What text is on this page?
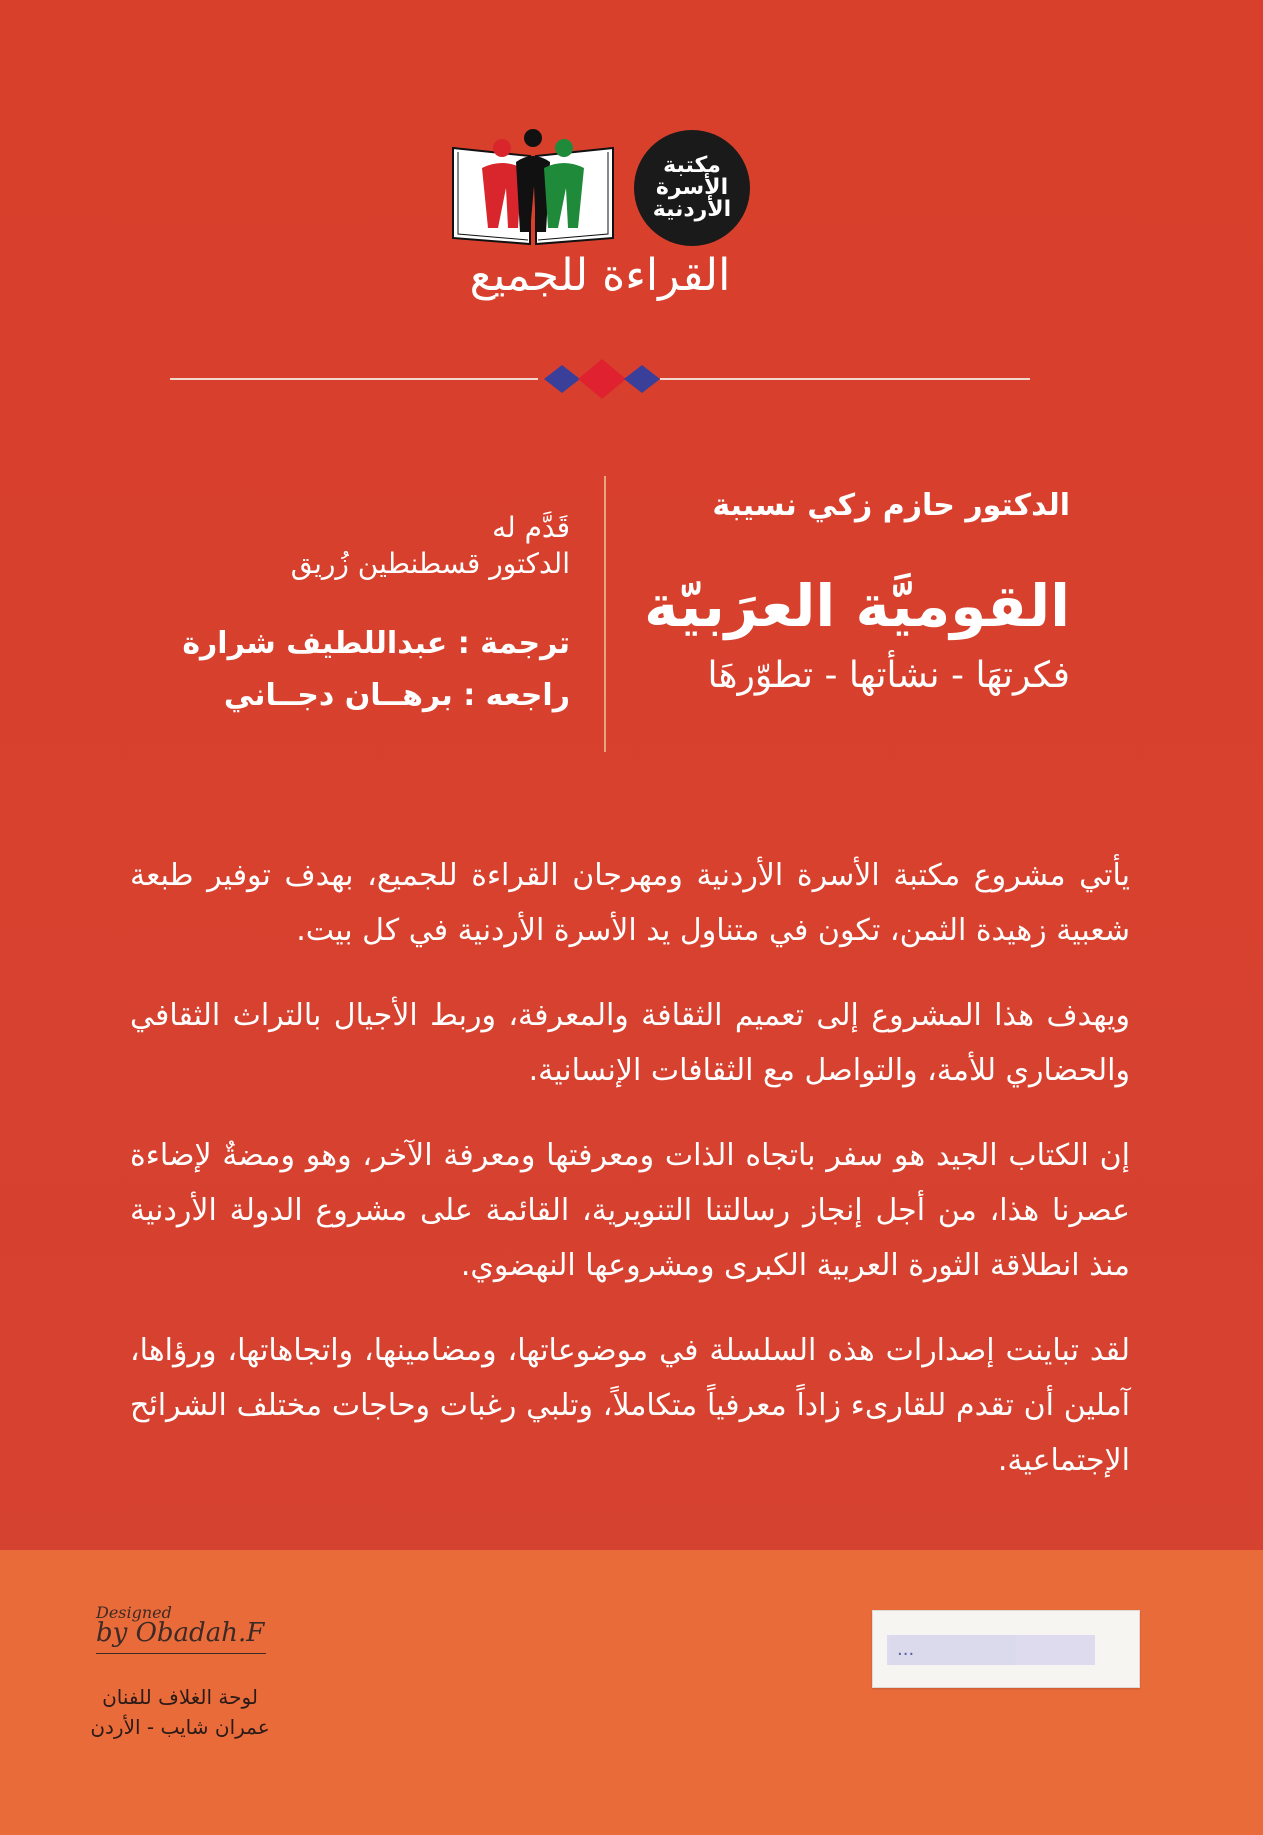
مكتبة الأسرة الأردنية
القراءة للجميع

الدكتور حازم زكي نسيبة

القوميَّة العرَبيّة

فكرتهَا - نشأتها - تطوّرهَا

قَدَّم له

الدكتور قسطنطين زُريق

ترجمة : عبداللطيف شرارة

راجعه : برهــان دجــاني

يأتي مشروع مكتبة الأسرة الأردنية ومهرجان القراءة للجميع، بهدف توفير طبعة شعبية زهيدة الثمن، تكون في متناول يد الأسرة الأردنية في كل بيت.

ويهدف هذا المشروع إلى تعميم الثقافة والمعرفة، وربط الأجيال بالتراث الثقافي والحضاري للأمة، والتواصل مع الثقافات الإنسانية.

إن الكتاب الجيد هو سفر باتجاه الذات ومعرفتها ومعرفة الآخر، وهو ومضةٌ لإضاءة عصرنا هذا، من أجل إنجاز رسالتنا التنويرية، القائمة على مشروع الدولة الأردنية منذ انطلاقة الثورة العربية الكبرى ومشروعها النهضوي.

لقد تباينت إصدارات هذه السلسلة في موضوعاتها، ومضامينها، واتجاهاتها، ورؤاها، آملين أن تقدم للقارىء زاداً معرفياً متكاملاً، وتلبي رغبات وحاجات مختلف الشرائح الإجتماعية.

Designed
by Obadah.F
لوحة الغلاف للفنان
عمران شايب - الأردن
...
